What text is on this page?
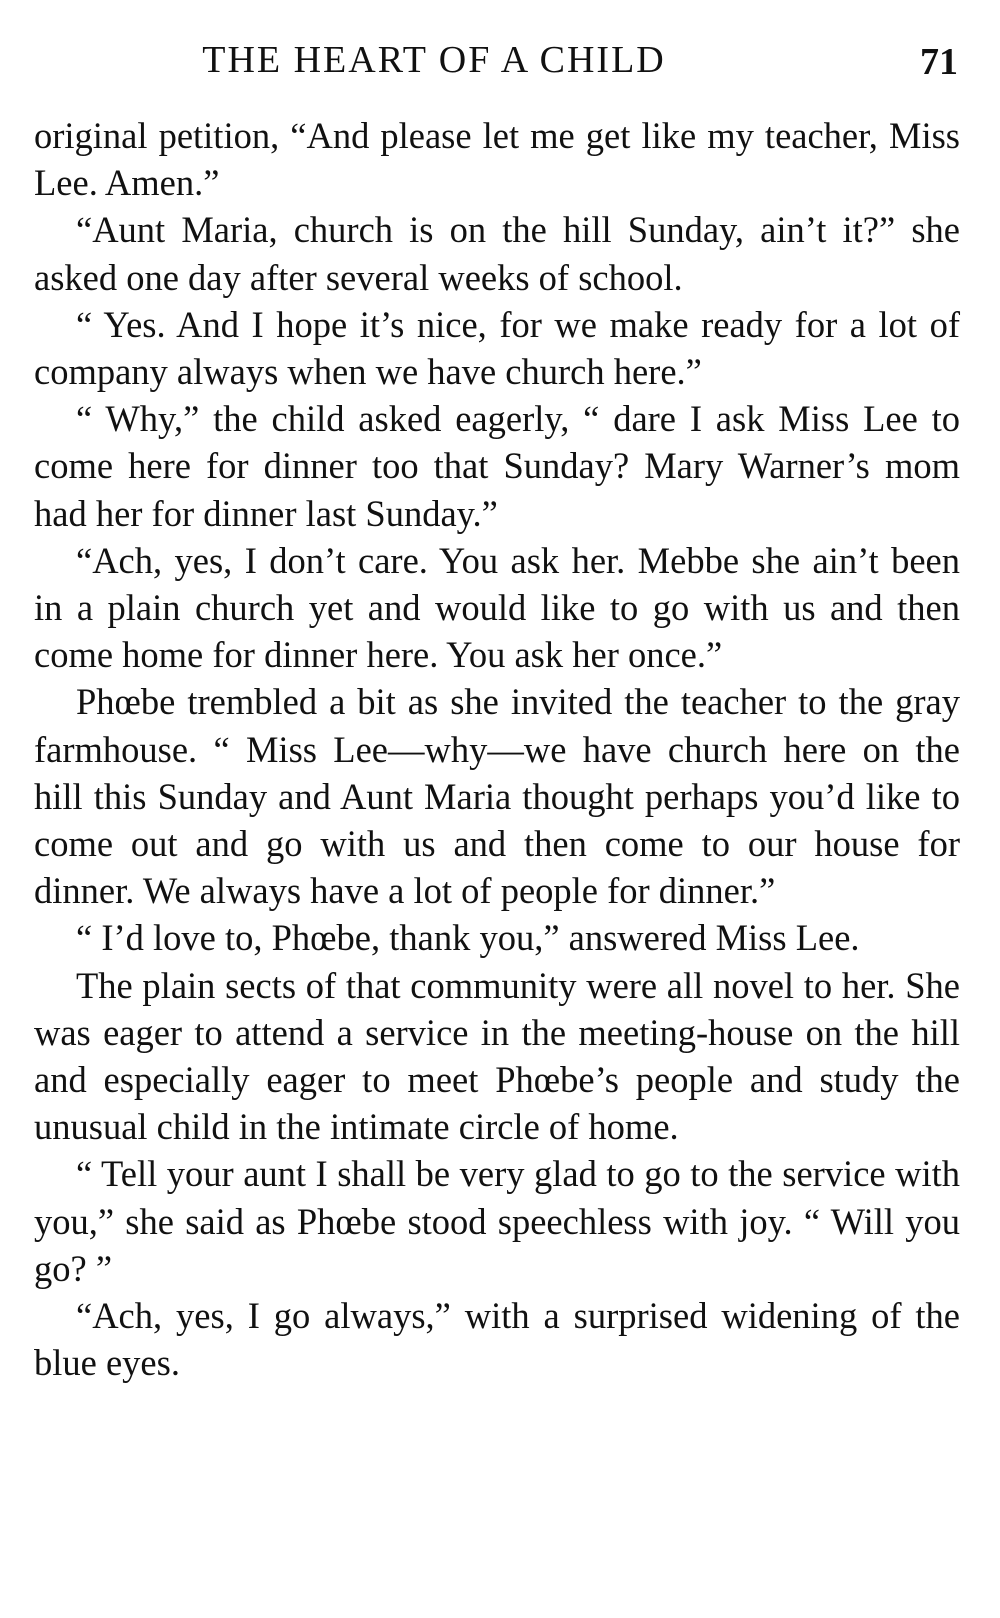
THE HEART OF A CHILD	71

original petition, “And please let me get like my teacher, Miss Lee. Amen.”

“Aunt Maria, church is on the hill Sunday, ain’t it?” she asked one day after several weeks of school.

“ Yes. And I hope it’s nice, for we make ready for a lot of company always when we have church here.”

“ Why,” the child asked eagerly, “ dare I ask Miss Lee to come here for dinner too that Sunday? Mary Warner’s mom had her for dinner last Sunday.”

“Ach, yes, I don’t care. You ask her. Mebbe she ain’t been in a plain church yet and would like to go with us and then come home for dinner here. You ask her once.”

Phœbe trembled a bit as she invited the teacher to the gray farmhouse. “ Miss Lee—why—we have church here on the hill this Sunday and Aunt Maria thought perhaps you’d like to come out and go with us and then come to our house for dinner. We always have a lot of people for dinner.”

“ I’d love to, Phœbe, thank you,” answered Miss Lee.

The plain sects of that community were all novel to her. She was eager to attend a service in the meeting-house on the hill and especially eager to meet Phœbe’s people and study the unusual child in the intimate circle of home.

“ Tell your aunt I shall be very glad to go to the service with you,” she said as Phœbe stood speechless with joy. “ Will you go? ”

“Ach, yes, I go always,” with a surprised widening of the blue eyes.
